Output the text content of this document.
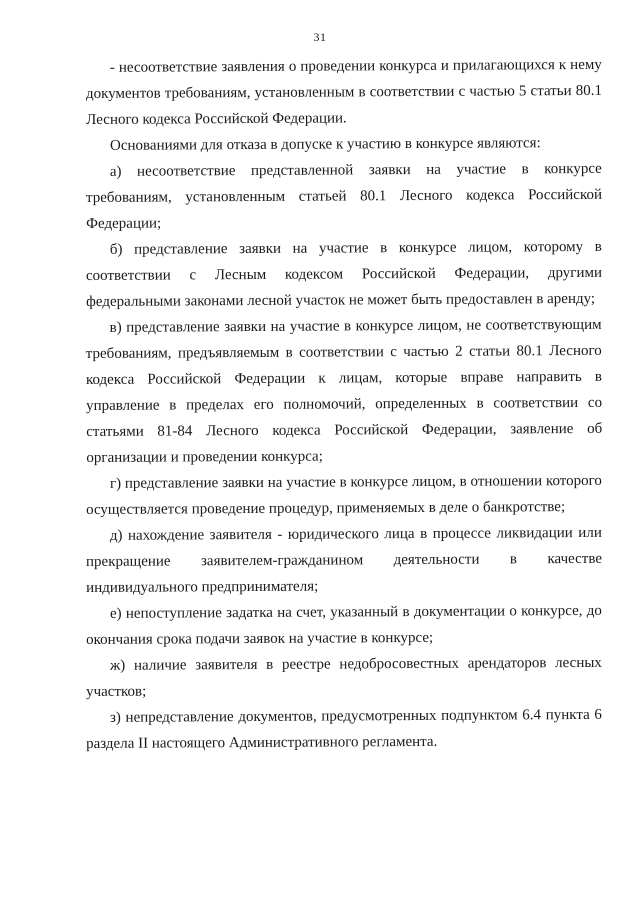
31

- несоответствие заявления о проведении конкурса и прилагающихся к нему документов требованиям, установленным в соответствии с частью 5 статьи 80.1 Лесного кодекса Российской Федерации.

Основаниями для отказа в допуске к участию в конкурсе являются:

а) несоответствие представленной заявки на участие в конкурсе требованиям, установленным статьей 80.1 Лесного кодекса Российской Федерации;

б) представление заявки на участие в конкурсе лицом, которому в соответствии с Лесным кодексом Российской Федерации, другими федеральными законами лесной участок не может быть предоставлен в аренду;

в) представление заявки на участие в конкурсе лицом, не соответствующим требованиям, предъявляемым в соответствии с частью 2 статьи 80.1 Лесного кодекса Российской Федерации к лицам, которые вправе направить в управление в пределах его полномочий, определенных в соответствии со статьями 81-84 Лесного кодекса Российской Федерации, заявление об организации и проведении конкурса;

г) представление заявки на участие в конкурсе лицом, в отношении которого осуществляется проведение процедур, применяемых в деле о банкротстве;

д) нахождение заявителя - юридического лица в процессе ликвидации или прекращение заявителем-гражданином деятельности в качестве индивидуального предпринимателя;

е) непоступление задатка на счет, указанный в документации о конкурсе, до окончания срока подачи заявок на участие в конкурсе;

ж) наличие заявителя в реестре недобросовестных арендаторов лесных участков;

з) непредставление документов, предусмотренных подпунктом 6.4 пункта 6 раздела II настоящего Административного регламента.
